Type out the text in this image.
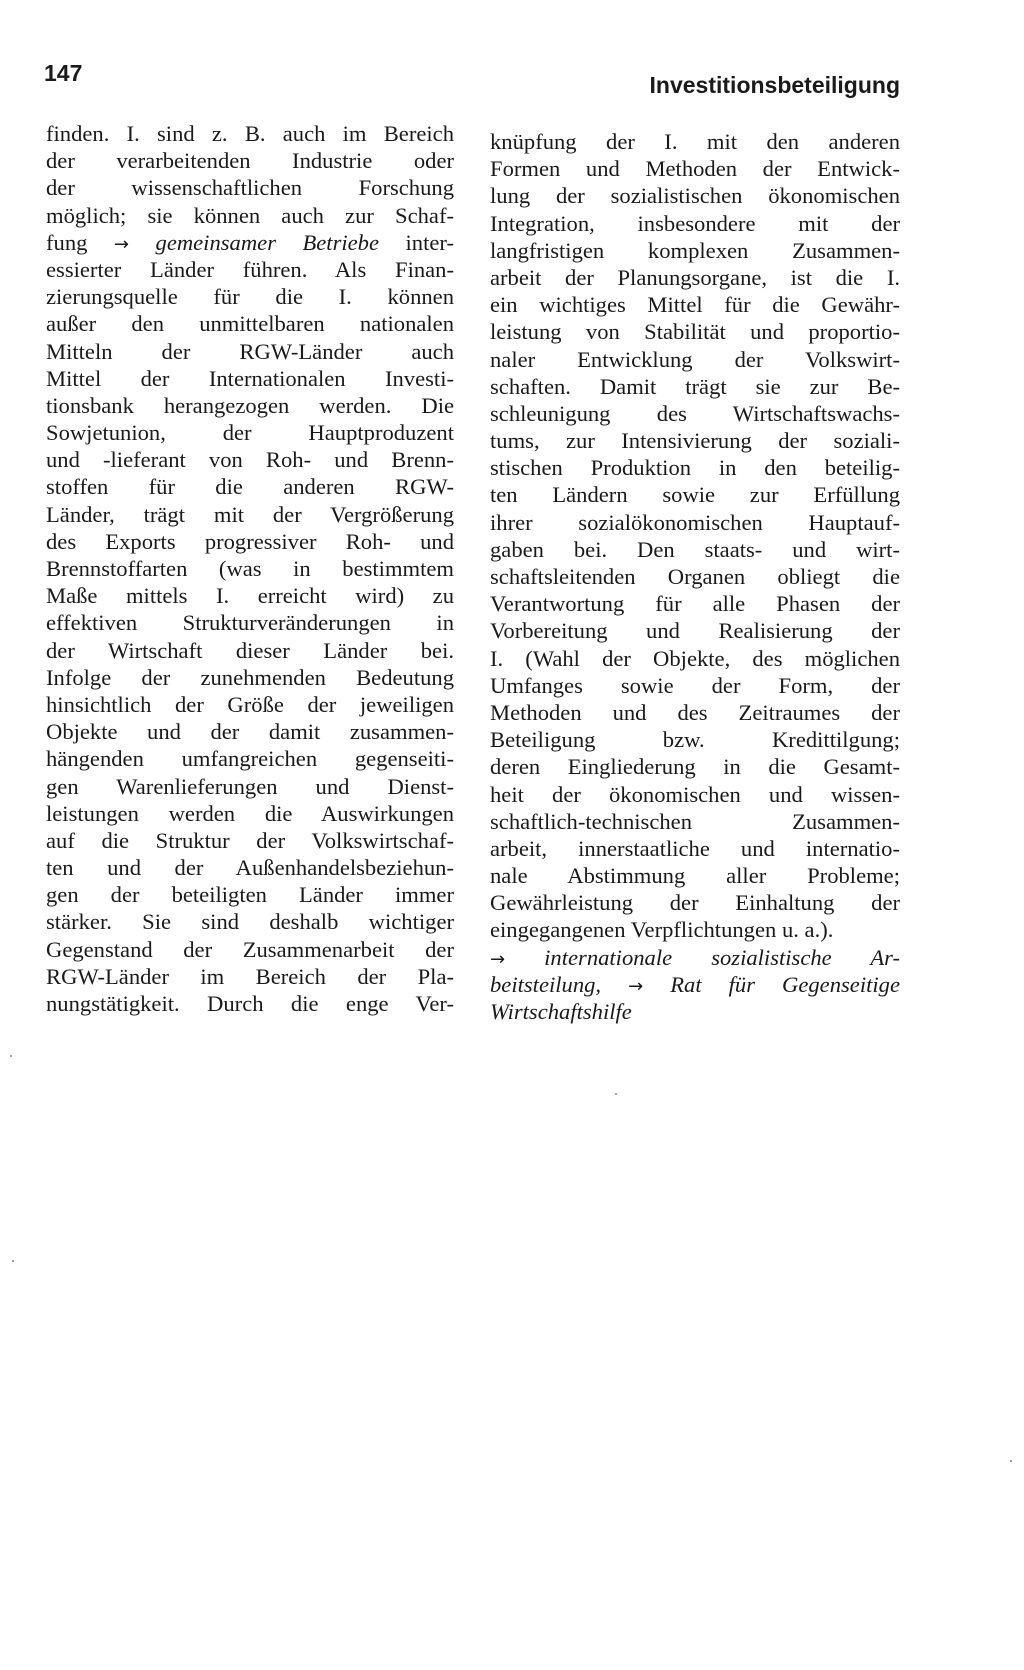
147	Investitionsbeteiligung
finden. I. sind z. B. auch im Bereich
der verarbeitenden Industrie oder
der wissenschaftlichen Forschung
möglich; sie können auch zur Schaf-
fung → gemeinsamer Betriebe inter-
essierter Länder führen. Als Finan-
zierungsquelle für die I. können
außer den unmittelbaren nationalen
Mitteln der RGW-Länder auch
Mittel der Internationalen Investi-
tionsbank herangezogen werden. Die
Sowjetunion, der Hauptproduzent
und -lieferant von Roh- und Brenn-
stoffen für die anderen RGW-
Länder, trägt mit der Vergrößerung
des Exports progressiver Roh- und
Brennstoffarten (was in bestimmtem
Maße mittels I. erreicht wird) zu
effektiven Strukturveränderungen in
der Wirtschaft dieser Länder bei.
Infolge der zunehmenden Bedeutung
hinsichtlich der Größe der jeweiligen
Objekte und der damit zusammen-
hängenden umfangreichen gegenseiti-
gen Warenlieferungen und Dienst-
leistungen werden die Auswirkungen
auf die Struktur der Volkswirtschaf-
ten und der Außenhandelsbeziehun-
gen der beteiligten Länder immer
stärker. Sie sind deshalb wichtiger
Gegenstand der Zusammenarbeit der
RGW-Länder im Bereich der Pla-
nungstätigkeit. Durch die enge Ver-
knüpfung der I. mit den anderen
Formen und Methoden der Entwick-
lung der sozialistischen ökonomischen
Integration, insbesondere mit der
langfristigen komplexen Zusammen-
arbeit der Planungsorgane, ist die I.
ein wichtiges Mittel für die Gewähr-
leistung von Stabilität und proportio-
naler Entwicklung der Volkswirt-
schaften. Damit trägt sie zur Be-
schleunigung des Wirtschaftswachs-
tums, zur Intensivierung der soziali-
stischen Produktion in den beteilig-
ten Ländern sowie zur Erfüllung
ihrer sozialökonomischen Hauptauf-
gaben bei. Den staats- und wirt-
schaftsleitenden Organen obliegt die
Verantwortung für alle Phasen der
Vorbereitung und Realisierung der
I. (Wahl der Objekte, des möglichen
Umfanges sowie der Form, der
Methoden und des Zeitraumes der
Beteiligung bzw. Kredittilgung;
deren Eingliederung in die Gesamt-
heit der ökonomischen und wissen-
schaftlich-technischen Zusammen-
arbeit, innerstaatliche und internatio-
nale Abstimmung aller Probleme;
Gewährleistung der Einhaltung der
eingegangenen Verpflichtungen u. a.).
→ internationale sozialistische Ar-
beitsteilung, → Rat für Gegenseitige
Wirtschaftshilfe
